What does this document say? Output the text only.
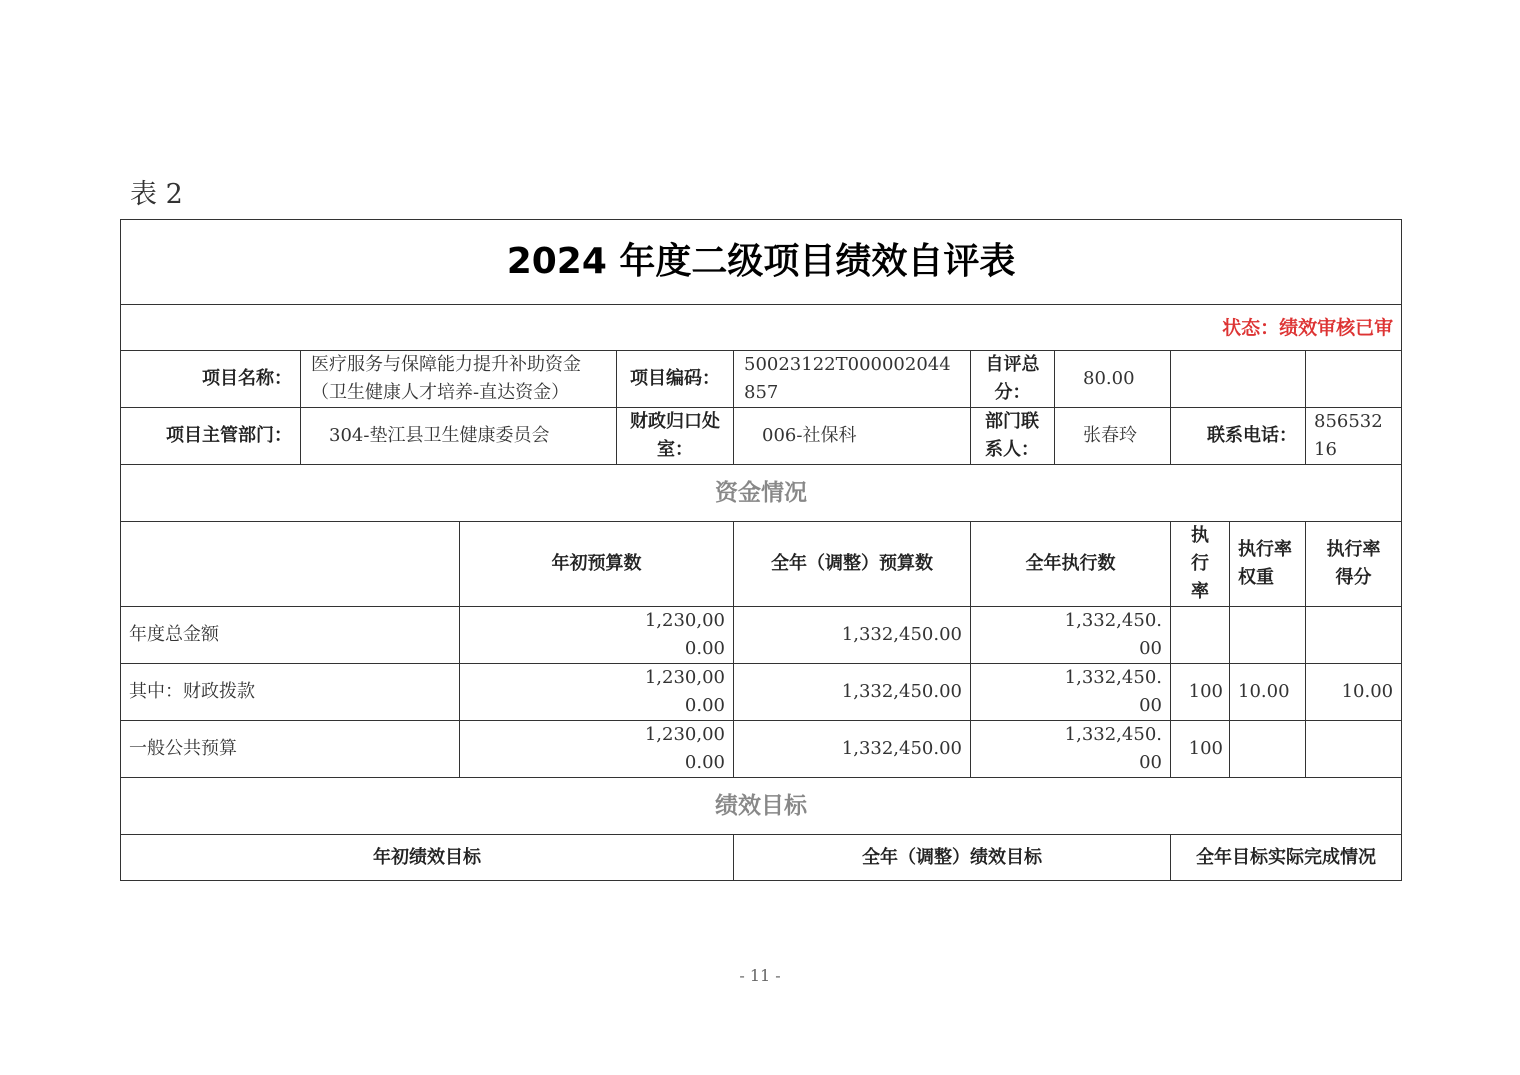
表 2
2024 年度二级项目绩效自评表									
状态：绩效审核已审									
项目名称：	医疗服务与保障能力提升补助资金（卫生健康人才培养-直达资金）		项目编码：	50023122T000002044857	自评总分：	80.00			
项目主管部门：	304-垫江县卫生健康委员会		财政归口处室：	006-社保科	部门联系人：	张春玲	联系电话：		85653216
资金情况									
		年初预算数		全年（调整）预算数	全年执行数		执行率	执行率权重	执行率得分
年度总金额		1,230,000.00		1,332,450.00	1,332,450.00				
其中：财政拨款		1,230,000.00		1,332,450.00	1,332,450.00		100	10.00	10.00
一般公共预算		1,230,000.00		1,332,450.00	1,332,450.00		100		
绩效目标									
年初绩效目标				全年（调整）绩效目标			全年目标实际完成情况		
- 11 -
